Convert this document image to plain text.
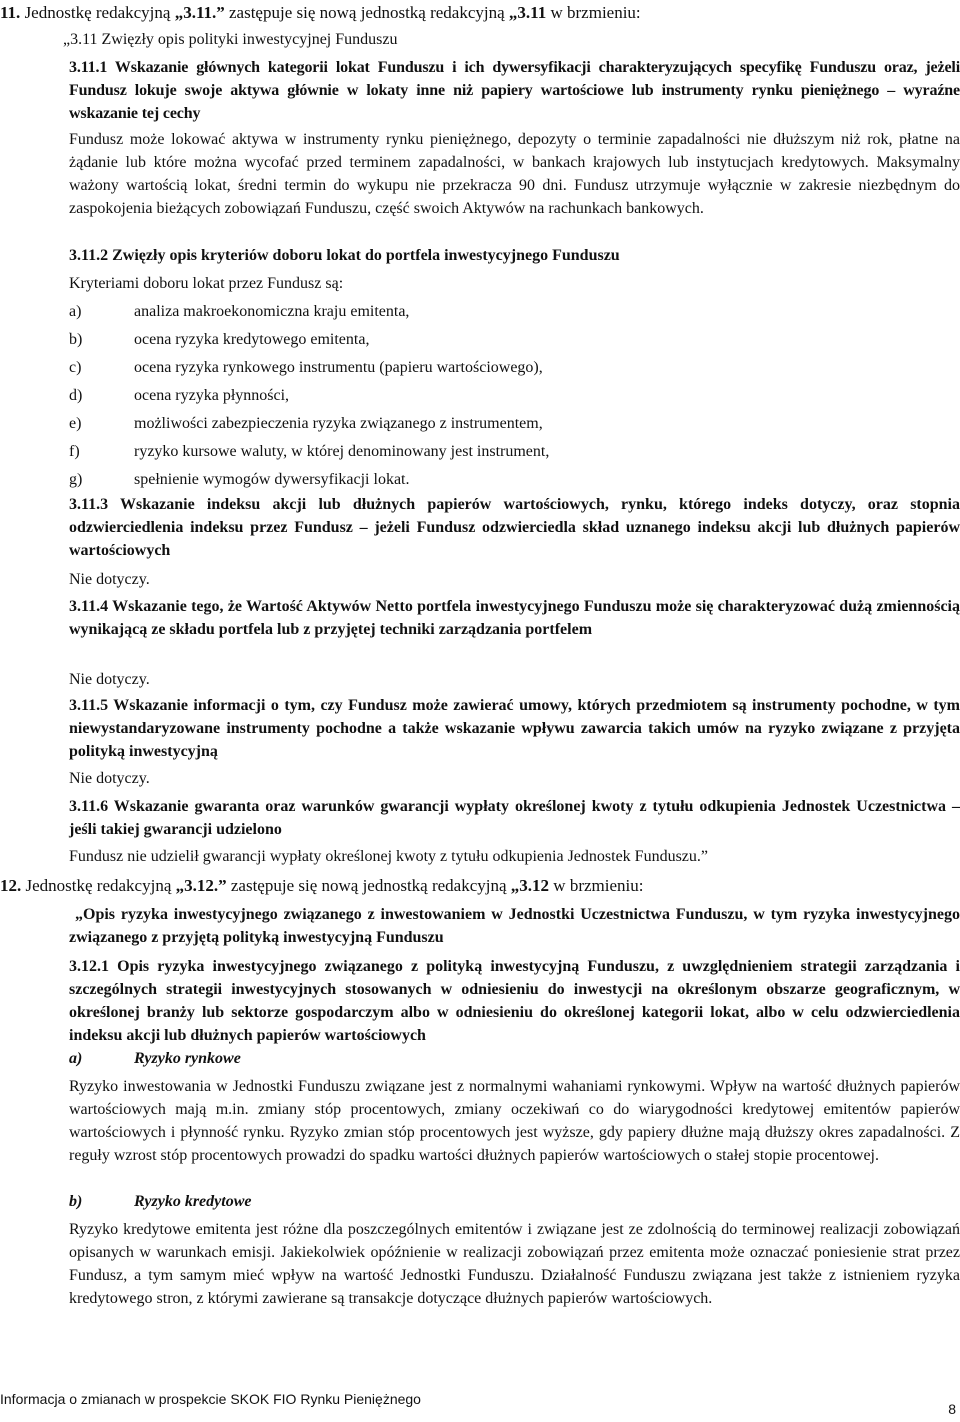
11. Jednostkę redakcyjną „3.11.” zastępuje się nową jednostką redakcyjną „3.11 w brzmieniu:
„3.11 Zwięzły opis polityki inwestycyjnej Funduszu
3.11.1 Wskazanie głównych kategorii lokat Funduszu i ich dywersyfikacji charakteryzujących specyfikę Funduszu oraz, jeżeli Fundusz lokuje swoje aktywa głównie w lokaty inne niż papiery wartościowe lub instrumenty rynku pieniężnego – wyraźne wskazanie tej cechy
Fundusz może lokować aktywa w instrumenty rynku pieniężnego, depozyty o terminie zapadalności nie dłuższym niż rok, płatne na żądanie lub które można wycofać przed terminem zapadalności, w bankach krajowych lub instytucjach kredytowych. Maksymalny ważony wartością lokat, średni termin do wykupu nie przekracza 90 dni. Fundusz utrzymuje wyłącznie w zakresie niezbędnym do zaspokojenia bieżących zobowiązań Funduszu, część swoich Aktywów na rachunkach bankowych.
3.11.2 Zwięzły opis kryteriów doboru lokat do portfela inwestycyjnego Funduszu
Kryteriami doboru lokat przez Fundusz są:
a)	analiza makroekonomiczna kraju emitenta,
b)	ocena ryzyka kredytowego emitenta,
c)	ocena ryzyka rynkowego instrumentu (papieru wartościowego),
d)	ocena ryzyka płynności,
e)	możliwości zabezpieczenia ryzyka związanego z instrumentem,
f)	ryzyko kursowe waluty, w której denominowany jest instrument,
g)	spełnienie wymogów dywersyfikacji lokat.
3.11.3 Wskazanie indeksu akcji lub dłużnych papierów wartościowych, rynku, którego indeks dotyczy, oraz stopnia odzwierciedlenia indeksu przez Fundusz – jeżeli Fundusz odzwierciedla skład uznanego indeksu akcji lub dłużnych papierów wartościowych
Nie dotyczy.
3.11.4 Wskazanie tego, że Wartość Aktywów Netto portfela inwestycyjnego Funduszu może się charakteryzować dużą zmiennością wynikającą ze składu portfela lub z przyjętej techniki zarządzania portfelem
Nie dotyczy.
3.11.5 Wskazanie informacji o tym, czy Fundusz może zawierać umowy, których przedmiotem są instrumenty pochodne, w tym niewystandaryzowane instrumenty pochodne a także wskazanie wpływu zawarcia takich umów na ryzyko związane z przyjęta polityką inwestycyjną
Nie dotyczy.
3.11.6 Wskazanie gwarantа oraz warunków gwarancji wypłaty określonej kwoty z tytułu odkupienia Jednostek Uczestnictwa – jeśli takiej gwarancji udzielono
Fundusz nie udzielił gwarancji wypłaty określonej kwoty z tytułu odkupienia Jednostek Funduszu.”
12. Jednostkę redakcyjną „3.12.” zastępuje się nową jednostką redakcyjną „3.12 w brzmieniu:
„Opis ryzyka inwestycyjnego związanego z inwestowaniem w Jednostki Uczestnictwa Funduszu, w tym ryzyka inwestycyjnego związanego z przyjętą polityką inwestycyjną Funduszu
3.12.1 Opis ryzyka inwestycyjnego związanego z polityką inwestycyjną Funduszu, z uwzględnieniem strategii zarządzania i szczególnych strategii inwestycyjnych stosowanych w odniesieniu do inwestycji na określonym obszarze geograficznym, w określonej branży lub sektorze gospodarczym albo w odniesieniu do określonej kategorii lokat, albo w celu odzwierciedlenia indeksu akcji lub dłużnych papierów wartościowych
a)	Ryzyko rynkowe
Ryzyko inwestowania w Jednostki Funduszu związane jest z normalnymi wahaniami rynkowymi. Wpływ na wartość dłużnych papierów wartościowych mają m.in. zmiany stóp procentowych, zmiany oczekiwań co do wiarygodności kredytowej emitentów papierów wartościowych i płynność rynku. Ryzyko zmian stóp procentowych jest wyższe, gdy papiery dłużne mają dłuższy okres zapadalności. Z reguły wzrost stóp procentowych prowadzi do spadku wartości dłużnych papierów wartościowych o stałej stopie procentowej.
b)	Ryzyko kredytowe
Ryzyko kredytowe emitenta jest różne dla poszczególnych emitentów i związane jest ze zdolnością do terminowej realizacji zobowiązań opisanych w warunkach emisji. Jakiekolwiek opóźnienie w realizacji zobowiązań przez emitenta może oznaczać poniesienie strat przez Fundusz, a tym samym mieć wpływ na wartość Jednostki Funduszu. Działalność Funduszu związana jest także z istnieniem ryzyka kredytowego stron, z którymi zawierane są transakcje dotyczące dłużnych papierów wartościowych.
Informacja o zmianach w prospekcie SKOK FIO Rynku Pieniężnego
8
